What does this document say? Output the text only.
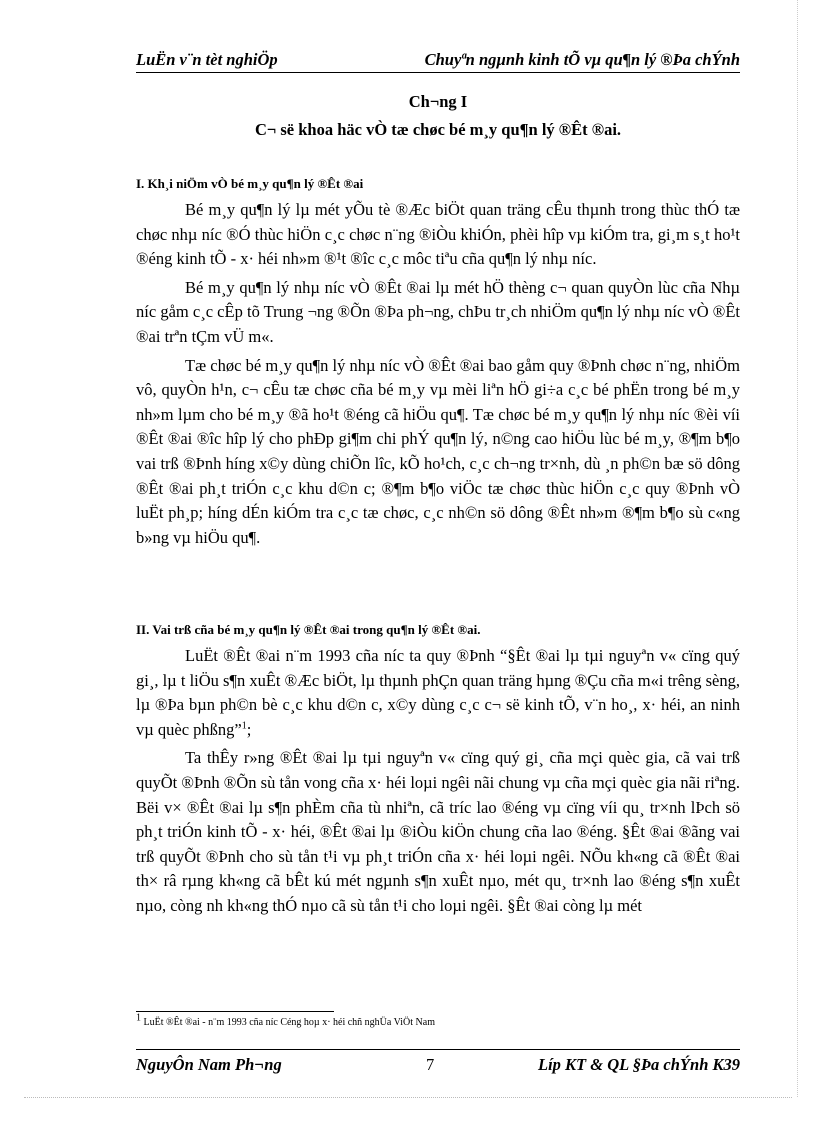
LuËn v¨n tèt nghiÖp	Chuyªn ngµnh kinh tÕ vµ qu¶n lý ®Þa chÝnh
Ch¬ng I
C¬ së khoa häc vÒ tæ chøc bé m¸y qu¶n lý ®Êt ®ai.
I. Kh¸i niÖm vÒ bé m¸y qu¶n lý ®Êt ®ai

Bé m¸y qu¶n lý lµ mét yÕu tè ®Æc biÖt quan träng cÊu thµnh trong thùc thÓ tæ chøc nhµ níc ®Ó thùc hiÖn c¸c chøc n¨ng ®iÒu khiÓn, phèi hîp vµ kiÓm tra, gi¸m s¸t ho¹t ®éng kinh tÕ - x· héi nh»m ®¹t ®îc c¸c môc tiªu cña qu¶n lý nhµ níc.

Bé m¸y qu¶n lý nhµ níc vÒ ®Êt ®ai lµ mét hÖ thèng c¬ quan quyÒn lùc cña Nhµ níc gåm c¸c cÊp tõ Trung ¬ng ®Õn ®Þa ph¬ng, chÞu tr¸ch nhiÖm qu¶n lý nhµ níc vÒ ®Êt ®ai trªn tÇm vÜ m«.

Tæ chøc bé m¸y qu¶n lý nhµ níc vÒ ®Êt ®ai bao gåm quy ®Þnh chøc n¨ng, nhiÖm vô, quyÒn h¹n, c¬ cÊu tæ chøc cña bé m¸y vµ mèi liªn hÖ gi÷a c¸c bé phËn trong bé m¸y nh»m lµm cho bé m¸y ®ã ho¹t ®éng cã hiÖu qu¶. Tæ chøc bé m¸y qu¶n lý nhµ níc ®èi víi ®Êt ®ai ®îc hîp lý cho phÐp gi¶m chi phÝ qu¶n lý, n©ng cao hiÖu lùc bé m¸y, ®¶m b¶o vai trß ®Þnh híng x©y dùng chiÕn lîc, kÕ ho¹ch, c¸c ch¬ng tr×nh, dù ¸n ph©n bæ sö dông ®Êt ®ai ph¸t triÓn c¸c khu d©n c; ®¶m b¶o viÖc tæ chøc thùc hiÖn c¸c quy ®Þnh vÒ luËt ph¸p; híng dÉn kiÓm tra c¸c tæ chøc, c¸c nh©n sö dông ®Êt nh»m ®¶m b¶o sù c«ng b»ng vµ hiÖu qu¶.

II. Vai trß cña bé m¸y qu¶n lý ®Êt ®ai trong qu¶n lý ®Êt ®ai.

LuËt ®Êt ®ai n¨m 1993 cña níc ta quy ®Þnh “§Êt ®ai lµ tµi nguyªn v« cïng quý gi¸, lµ t liÖu s¶n xuÊt ®Æc biÖt, lµ thµnh phÇn quan träng hµng ®Çu cña m«i trêng sèng, lµ ®Þa bµn ph©n bè c¸c khu d©n c, x©y dùng c¸c c¬ së kinh tÕ, v¨n ho¸, x· héi, an ninh vµ quèc phßng”$^1$;

Ta thÊy r»ng ®Êt ®ai lµ tµi nguyªn v« cïng quý gi¸ cña mçi quèc gia, cã vai trß quyÕt ®Þnh ®Õn sù tån vong cña x· héi loµi ngêi nãi chung vµ cña mçi quèc gia nãi riªng. Bëi v× ®Êt ®ai lµ s¶n phÈm cña tù nhiªn, cã tríc lao ®éng vµ cïng víi qu¸ tr×nh lÞch sö ph¸t triÓn kinh tÕ - x· héi, ®Êt ®ai lµ ®iÒu kiÖn chung cña lao ®éng. §Êt ®ai ®ãng vai trß quyÕt ®Þnh cho sù tån t¹i vµ ph¸t triÓn cña x· héi loµi ngêi. NÕu kh«ng cã ®Êt ®ai th× râ rµng kh«ng cã bÊt kú mét ngµnh s¶n xuÊt nµo, mét qu¸ tr×nh lao ®éng s¶n xuÊt nµo, còng nh kh«ng thÓ nµo cã sù tån t¹i cho loµi ngêi. §Êt ®ai còng lµ mét

$^1$ LuËt ®Êt ®ai - n¨m 1993 cña níc Céng hoµ x· héi chñ nghÜa ViÖt Nam
NguyÔn Nam Ph¬ng	7	Líp KT & QL §Þa chÝnh K39
